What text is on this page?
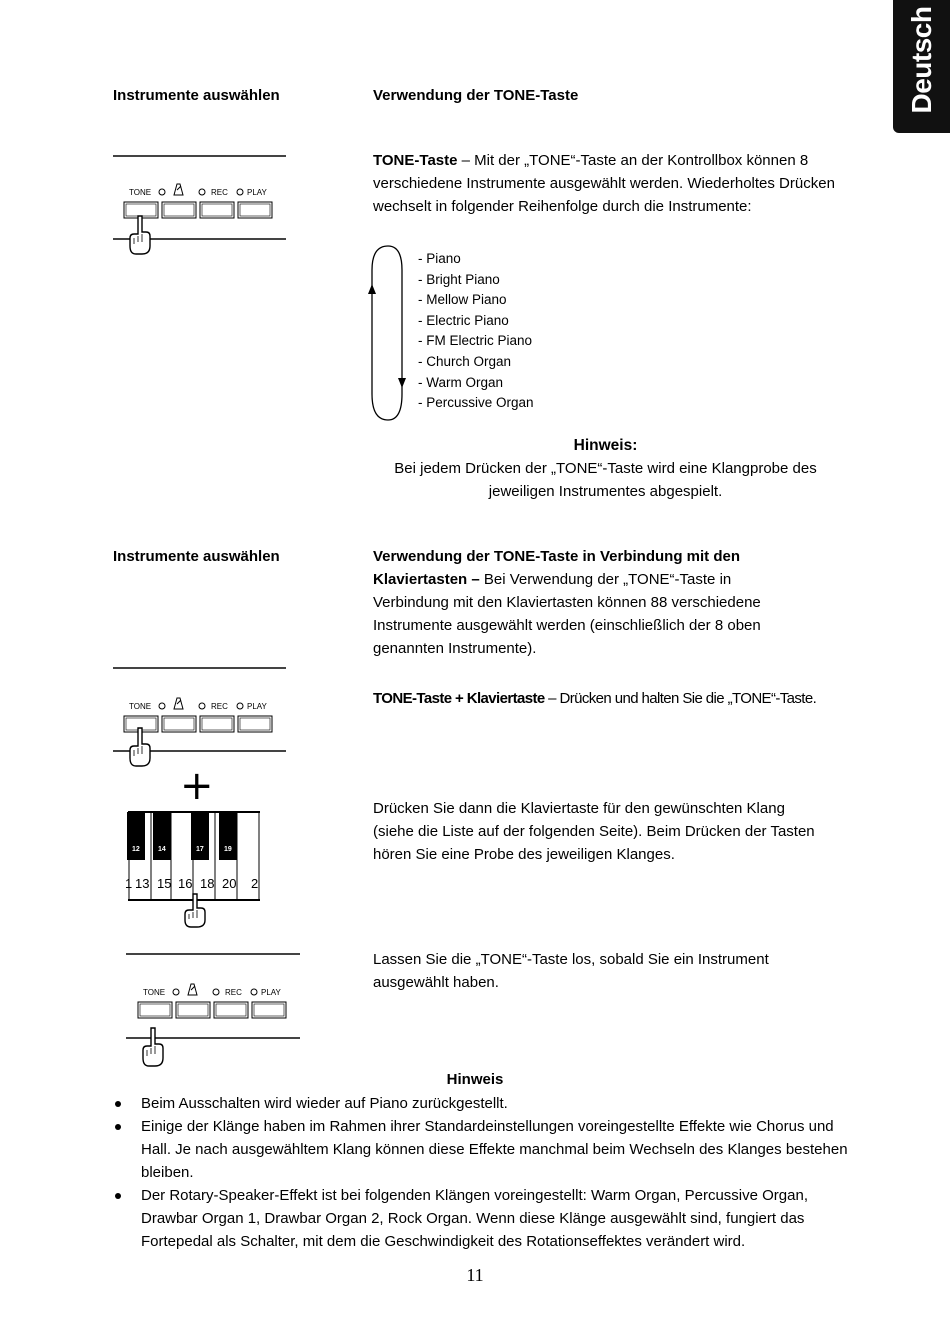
Deutsch
Instrumente auswählen	Verwendung der TONE-Taste
TONE-Taste – Mit der „TONE“-Taste an der Kontrollbox können 8 verschiedene Instrumente ausgewählt werden. Wiederholtes Drücken wechselt in folgender Reihenfolge durch die Instrumente:
TONE	REC PLAY
- Piano
- Bright Piano
- Mellow Piano
- Electric Piano
- FM Electric Piano
- Church Organ
- Warm Organ
- Percussive Organ
Hinweis:
Bei jedem Drücken der „TONE“-Taste wird eine Klangprobe des
jeweiligen Instrumentes abgespielt.
Instrumente auswählen	Verwendung der TONE-Taste in Verbindung mit den Klaviertasten – Bei Verwendung der „TONE“-Taste in Verbindung mit den Klaviertasten können 88 verschiedene Instrumente ausgewählt werden (einschließlich der 8 oben genannten Instrumente).
TONE	REC PLAY	TONE-Taste + Klaviertaste – Drücken und halten Sie die „TONE“-Taste.
+
12	14	17	19
1 13 15 16 18 20 2
Drücken Sie dann die Klaviertaste für den gewünschten Klang (siehe die Liste auf der folgenden Seite). Beim Drücken der Tasten hören Sie eine Probe des jeweiligen Klanges.
TONE	REC PLAY
Lassen Sie die „TONE“-Taste los, sobald Sie ein Instrument ausgewählt haben.
Hinweis
Beim Ausschalten wird wieder auf Piano zurückgestellt.
Einige der Klänge haben im Rahmen ihrer Standardeinstellungen voreingestellte Effekte wie Chorus und Hall. Je nach ausgewähltem Klang können diese Effekte manchmal beim Wechseln des Klanges bestehen bleiben.
Der Rotary-Speaker-Effekt ist bei folgenden Klängen voreingestellt: Warm Organ, Percussive Organ, Drawbar Organ 1, Drawbar Organ 2, Rock Organ. Wenn diese Klänge ausgewählt sind, fungiert das Fortepedal als Schalter, mit dem die Geschwindigkeit des Rotationseffektes verändert wird.
11
